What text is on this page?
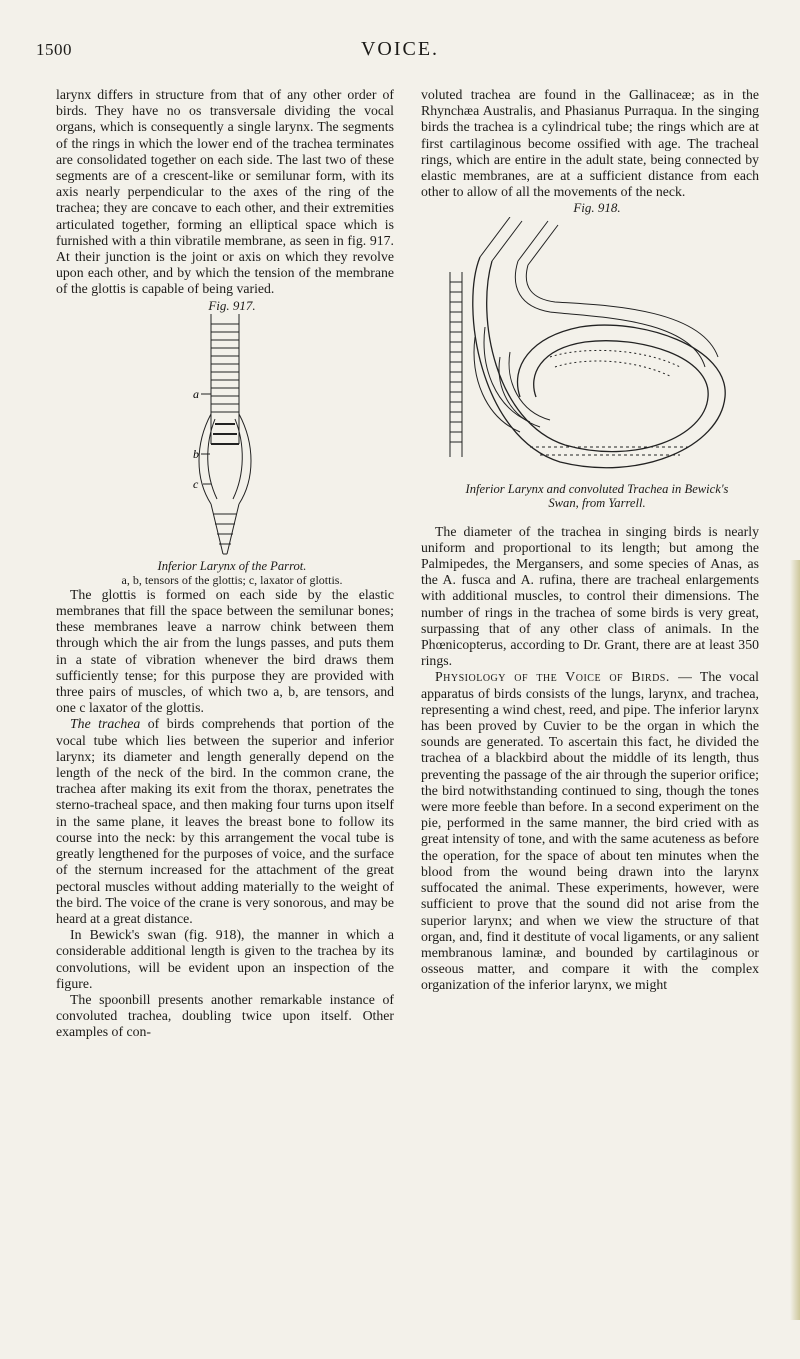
1500	VOICE.

larynx differs in structure from that of any other order of birds. They have no os transversale dividing the vocal organs, which is consequently a single larynx. The segments of the rings in which the lower end of the trachea terminates are consolidated together on each side. The last two of these segments are of a crescent-like or semilunar form, with its axis nearly perpendicular to the axes of the ring of the trachea; they are concave to each other, and their extremities articulated together, forming an elliptical space which is furnished with a thin vibratile membrane, as seen in fig. 917. At their junction is the joint or axis on which they revolve upon each other, and by which the tension of the membrane of the glottis is capable of being varied.

Fig. 917.

a
b
c

Inferior Larynx of the Parrot.

a, b, tensors of the glottis; c, laxator of glottis.

The glottis is formed on each side by the elastic membranes that fill the space between the semilunar bones; these membranes leave a narrow chink between them through which the air from the lungs passes, and puts them in a state of vibration whenever the bird draws them sufficiently tense; for this purpose they are provided with three pairs of muscles, of which two a, b, are tensors, and one c laxator of the glottis.

The trachea of birds comprehends that portion of the vocal tube which lies between the superior and inferior larynx; its diameter and length generally depend on the length of the neck of the bird. In the common crane, the trachea after making its exit from the thorax, penetrates the sterno-tracheal space, and then making four turns upon itself in the same plane, it leaves the breast bone to follow its course into the neck: by this arrangement the vocal tube is greatly lengthened for the purposes of voice, and the surface of the sternum increased for the attachment of the great pectoral muscles without adding materially to the weight of the bird. The voice of the crane is very sonorous, and may be heard at a great distance.

In Bewick's swan (fig. 918), the manner in which a considerable additional length is given to the trachea by its convolutions, will be evident upon an inspection of the figure.

The spoonbill presents another remarkable instance of convoluted trachea, doubling twice upon itself. Other examples of con-

voluted trachea are found in the Gallinaceæ; as in the Rhynchæa Australis, and Phasianus Purraqua. In the singing birds the trachea is a cylindrical tube; the rings which are at first cartilaginous become ossified with age. The tracheal rings, which are entire in the adult state, being connected by elastic membranes, are at a sufficient distance from each other to allow of all the movements of the neck.

Fig. 918.

Inferior Larynx and convoluted Trachea in Bewick's

Swan, from Yarrell.

The diameter of the trachea in singing birds is nearly uniform and proportional to its length; but among the Palmipedes, the Mergansers, and some species of Anas, as the A. fusca and A. rufina, there are tracheal enlargements with additional muscles, to control their dimensions. The number of rings in the trachea of some birds is very great, surpassing that of any other class of animals. In the Phœnicopterus, according to Dr. Grant, there are at least 350 rings.

Physiology of the Voice of Birds. — The vocal apparatus of birds consists of the lungs, larynx, and trachea, representing a wind chest, reed, and pipe. The inferior larynx has been proved by Cuvier to be the organ in which the sounds are generated. To ascertain this fact, he divided the trachea of a blackbird about the middle of its length, thus preventing the passage of the air through the superior orifice; the bird notwithstanding continued to sing, though the tones were more feeble than before. In a second experiment on the pie, performed in the same manner, the bird cried with as great intensity of tone, and with the same acuteness as before the operation, for the space of about ten minutes when the blood from the wound being drawn into the larynx suffocated the animal. These experiments, however, were sufficient to prove that the sound did not arise from the superior larynx; and when we view the structure of that organ, and, find it destitute of vocal ligaments, or any salient membranous laminæ, and bounded by cartilaginous or osseous matter, and compare it with the complex organization of the inferior larynx, we might
